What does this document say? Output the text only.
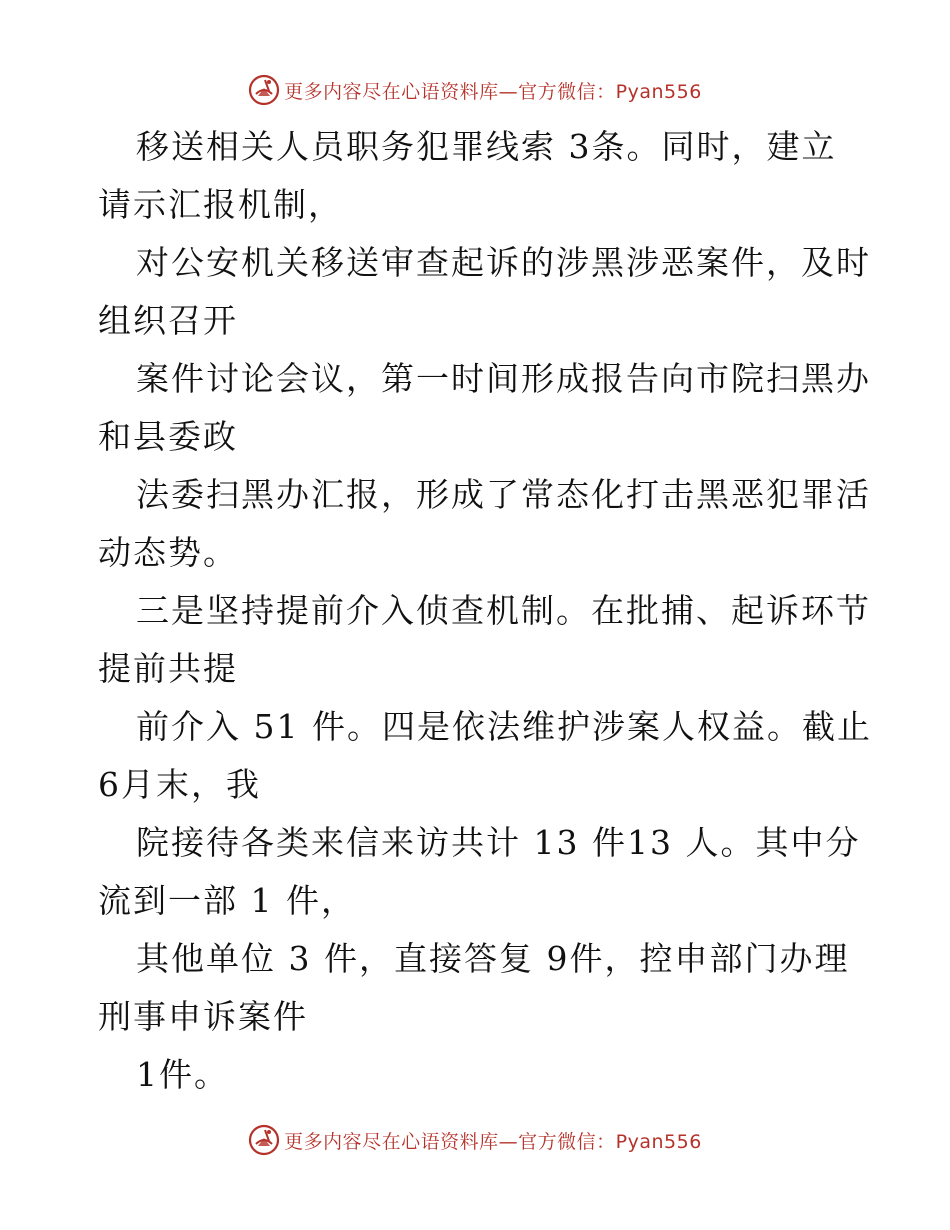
更多内容尽在心语资料库—官方微信：Pyan556
移送相关人员职务犯罪线索 3条。同时，建立
请示汇报机制，
对公安机关移送审查起诉的涉黑涉恶案件，及时
组织召开
案件讨论会议，第一时间形成报告向市院扫黑办
和县委政
法委扫黑办汇报，形成了常态化打击黑恶犯罪活
动态势。
三是坚持提前介入侦查机制。在批捕、起诉环节
提前共提
前介入 51 件。四是依法维护涉案人权益。截止
6月末，我
院接待各类来信来访共计 13 件13 人。其中分
流到一部 1 件，
其他单位 3 件，直接答复 9件，控申部门办理
刑事申诉案件
1件。
更多内容尽在心语资料库—官方微信：Pyan556
